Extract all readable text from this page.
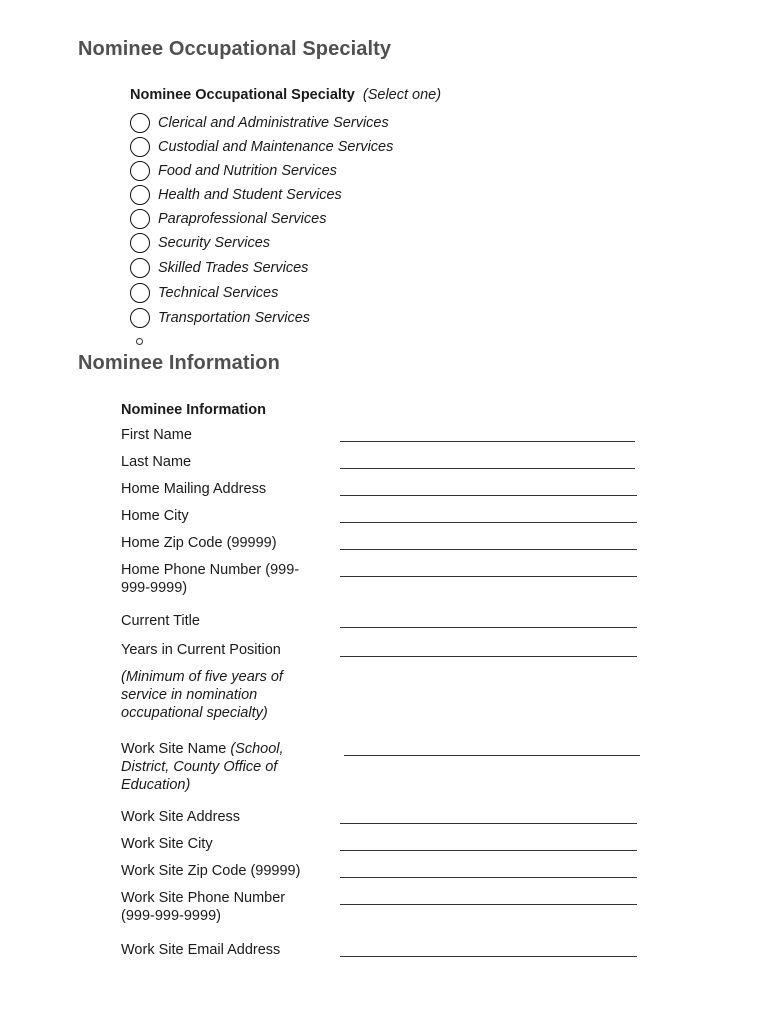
Nominee Occupational Specialty
Nominee Occupational Specialty (Select one)
Clerical and Administrative Services
Custodial and Maintenance Services
Food and Nutrition Services
Health and Student Services
Paraprofessional Services
Security Services
Skilled Trades Services
Technical Services
Transportation Services
Nominee Information
Nominee Information
First Name
Last Name
Home Mailing Address
Home City
Home Zip Code (99999)
Home Phone Number (999-999-9999)
Current Title
Years in Current Position
(Minimum of five years of service in nomination occupational specialty)
Work Site Name (School, District, County Office of Education)
Work Site Address
Work Site City
Work Site Zip Code (99999)
Work Site Phone Number (999-999-9999)
Work Site Email Address
